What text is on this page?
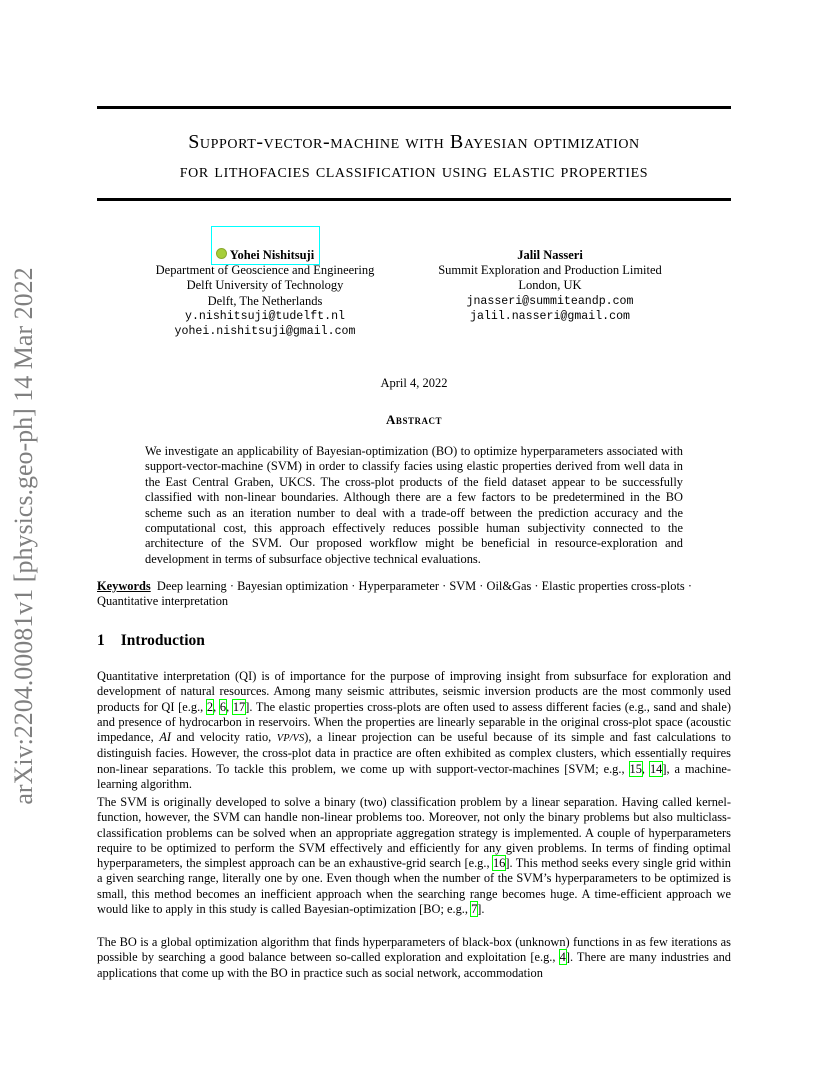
arXiv:2204.00081v1 [physics.geo-ph] 14 Mar 2022
Support-vector-machine with Bayesian optimization
for lithofacies classification using elastic properties
Yohei Nishitsuji
Department of Geoscience and Engineering
Delft University of Technology
Delft, The Netherlands
y.nishitsuji@tudelft.nl
yohei.nishitsuji@gmail.com
Jalil Nasseri
Summit Exploration and Production Limited
London, UK
jnasseri@summiteandp.com
jalil.nasseri@gmail.com
April 4, 2022
Abstract
We investigate an applicability of Bayesian-optimization (BO) to optimize hyperparameters associated with support-vector-machine (SVM) in order to classify facies using elastic properties derived from well data in the East Central Graben, UKCS. The cross-plot products of the field dataset appear to be successfully classified with non-linear boundaries. Although there are a few factors to be predetermined in the BO scheme such as an iteration number to deal with a trade-off between the prediction accuracy and the computational cost, this approach effectively reduces possible human subjectivity connected to the architecture of the SVM. Our proposed workflow might be beneficial in resource-exploration and development in terms of subsurface objective technical evaluations.
Keywords Deep learning · Bayesian optimization · Hyperparameter · SVM · Oil&Gas · Elastic properties cross-plots · Quantitative interpretation
1 Introduction
Quantitative interpretation (QI) is of importance for the purpose of improving insight from subsurface for exploration and development of natural resources. Among many seismic attributes, seismic inversion products are the most commonly used products for QI [e.g., 2, 6, 17]. The elastic properties cross-plots are often used to assess different facies (e.g., sand and shale) and presence of hydrocarbon in reservoirs. When the properties are linearly separable in the original cross-plot space (acoustic impedance, AI and velocity ratio, VP/VS), a linear projection can be useful because of its simple and fast calculations to distinguish facies. However, the cross-plot data in practice are often exhibited as complex clusters, which essentially requires non-linear separations. To tackle this problem, we come up with support-vector-machines [SVM; e.g., 15, 14], a machine-learning algorithm.
The SVM is originally developed to solve a binary (two) classification problem by a linear separation. Having called kernel-function, however, the SVM can handle non-linear problems too. Moreover, not only the binary problems but also multiclass-classification problems can be solved when an appropriate aggregation strategy is implemented. A couple of hyperparameters require to be optimized to perform the SVM effectively and efficiently for any given problems. In terms of finding optimal hyperparameters, the simplest approach can be an exhaustive-grid search [e.g., 16]. This method seeks every single grid within a given searching range, literally one by one. Even though when the number of the SVM’s hyperparameters to be optimized is small, this method becomes an inefficient approach when the searching range becomes huge. A time-efficient approach we would like to apply in this study is called Bayesian-optimization [BO; e.g., 7].
The BO is a global optimization algorithm that finds hyperparameters of black-box (unknown) functions in as few iterations as possible by searching a good balance between so-called exploration and exploitation [e.g., 4]. There are many industries and applications that come up with the BO in practice such as social network, accommodation
